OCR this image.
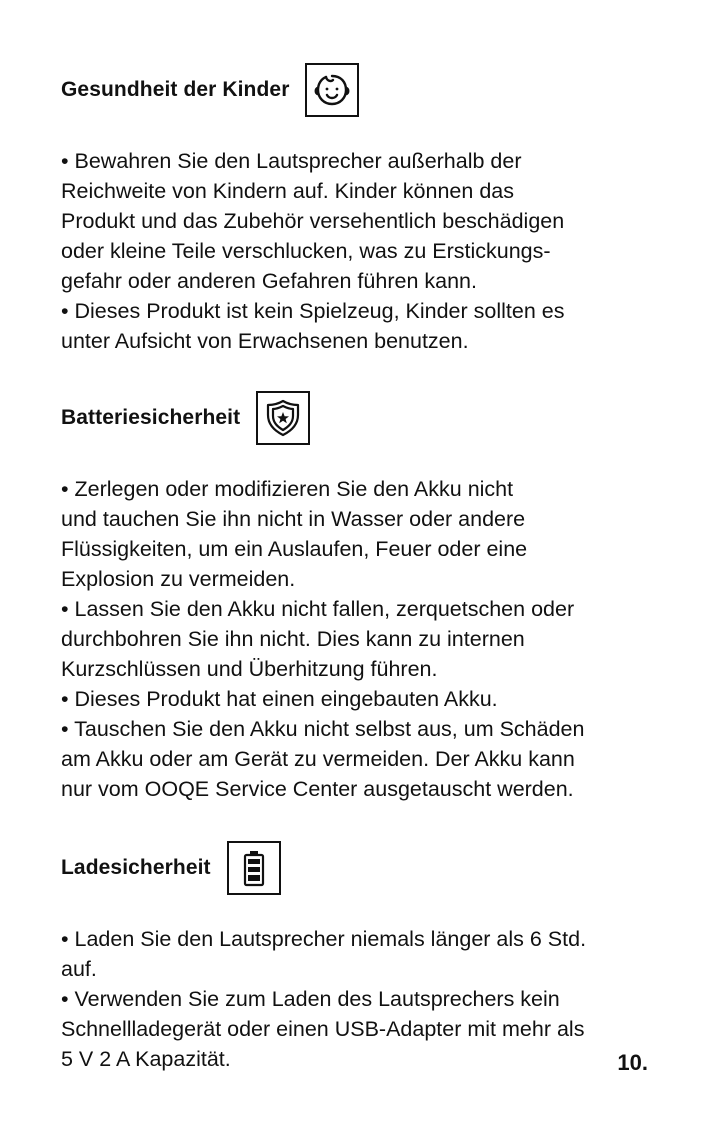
Gesundheit der Kinder
• Bewahren Sie den Lautsprecher außerhalb der
Reichweite von Kindern auf. Kinder können das
Produkt und das Zubehör versehentlich beschädigen
oder kleine Teile verschlucken, was zu Erstickungs-
gefahr oder anderen Gefahren führen kann.
• Dieses Produkt ist kein Spielzeug, Kinder sollten es
unter Aufsicht von Erwachsenen benutzen.
Batteriesicherheit
• Zerlegen oder modifizieren Sie den Akku nicht
und tauchen Sie ihn nicht in Wasser oder andere
Flüssigkeiten, um ein Auslaufen, Feuer oder eine
Explosion zu vermeiden.
• Lassen Sie den Akku nicht fallen, zerquetschen oder
durchbohren Sie ihn nicht. Dies kann zu internen
Kurzschlüssen und Überhitzung führen.
• Dieses Produkt hat einen eingebauten Akku.
• Tauschen Sie den Akku nicht selbst aus, um Schäden
am Akku oder am Gerät zu vermeiden. Der Akku kann
nur vom OOQE Service Center ausgetauscht werden.
Ladesicherheit
• Laden Sie den Lautsprecher niemals länger als 6 Std.
auf.
• Verwenden Sie zum Laden des Lautsprechers kein
Schnellladegerät oder einen USB-Adapter mit mehr als
5 V 2 A Kapazität.	10.
